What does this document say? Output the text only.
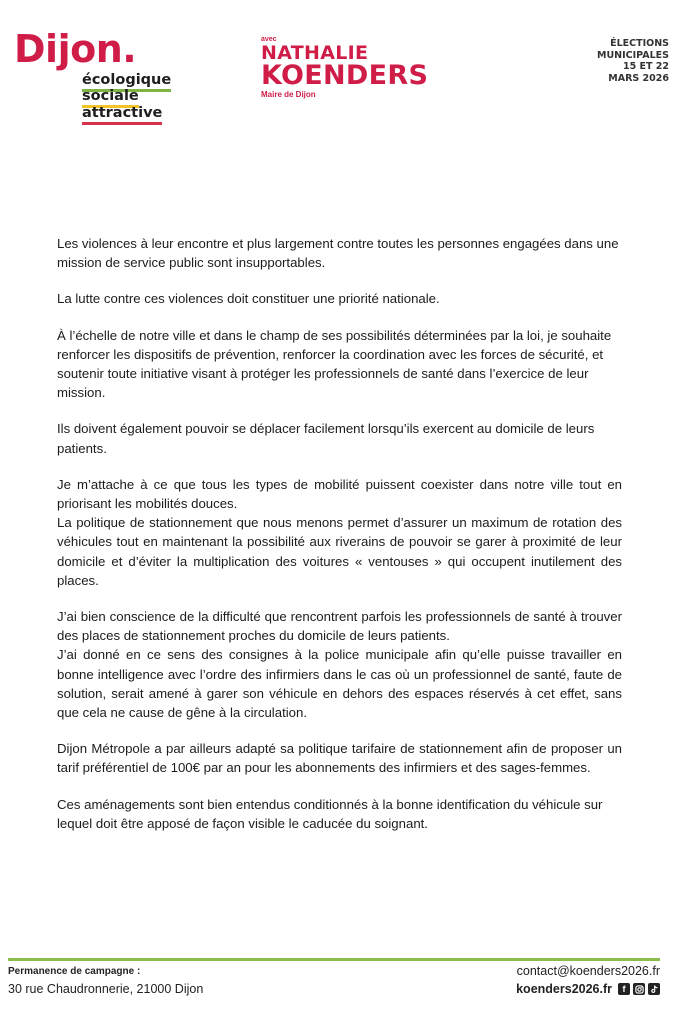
Dijon.
écologique
sociale
attractive
avec
NATHALIE
KOENDERS
Maire de Dijon
ÉLECTIONS
MUNICIPALES
15 ET 22
MARS 2026

Les violences à leur encontre et plus largement contre toutes les personnes engagées dans une mission de service public sont insupportables.

La lutte contre ces violences doit constituer une priorité nationale.

À l’échelle de notre ville et dans le champ de ses possibilités déterminées par la loi, je souhaite renforcer les dispositifs de prévention, renforcer la coordination avec les forces de sécurité, et soutenir toute initiative visant à protéger les professionnels de santé dans l’exercice de leur mission.

Ils doivent également pouvoir se déplacer facilement lorsqu’ils exercent au domicile de leurs patients.

Je m’attache à ce que tous les types de mobilité puissent coexister dans notre ville tout en priorisant les mobilités douces.

La politique de stationnement que nous menons permet d’assurer un maximum de rotation des véhicules tout en maintenant la possibilité aux riverains de pouvoir se garer à proximité de leur domicile et d’éviter la multiplication des voitures « ventouses » qui occupent inutilement des places.

J’ai bien conscience de la difficulté que rencontrent parfois les professionnels de santé à trouver des places de stationnement proches du domicile de leurs patients.

J’ai donné en ce sens des consignes à la police municipale afin qu’elle puisse travailler en bonne intelligence avec l’ordre des infirmiers dans le cas où un professionnel de santé, faute de solution, serait amené à garer son véhicule en dehors des espaces réservés à cet effet, sans que cela ne cause de gêne à la circulation.

Dijon Métropole a par ailleurs adapté sa politique tarifaire de stationnement afin de proposer un tarif préférentiel de 100€ par an pour les abonnements des infirmiers et des sages-femmes.

Ces aménagements sont bien entendus conditionnés à la bonne identification du véhicule sur lequel doit être apposé de façon visible le caducée du soignant.

Permanence de campagne :
30 rue Chaudronnerie, 21000 Dijon
contact@koenders2026.fr
koenders2026.fr	f
